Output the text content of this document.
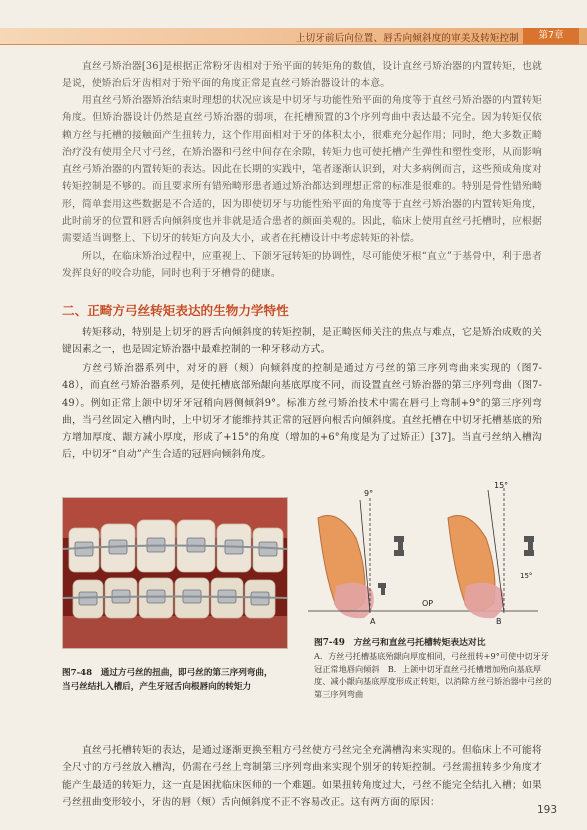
上切牙前后向位置、唇舌向倾斜度的审美及转矩控制	第7章
直丝弓矫治器[36]是根据正常粉牙齿相对于殆平面的转矩角的数值，设计直丝弓矫治器的内置转矩，也就是说，使矫治后牙齿相对于殆平面的角度正常是直丝弓矫治器设计的本意。
用直丝弓矫治器矫治结束时理想的状况应该是中切牙与功能性殆平面的角度等于直丝弓矫治器的内置转矩角度。但矫治器设计仍然是直丝弓矫治器的弱项，在托槽预置的3个序列弯曲中表达最不完全。因为转矩仅依赖方丝与托槽的接触面产生扭转力，这个作用面相对于牙的体积太小，很难充分起作用；同时，绝大多数正畸治疗没有使用全尺寸弓丝，在矫治器和弓丝中间存在余隙，转矩力也可使托槽产生弹性和塑性变形，从而影响直丝弓矫治器的内置转矩的表达。因此在长期的实践中，笔者逐渐认识到，对大多病例而言，这些预成角度对转矩控制是不够的。而且要求所有错殆畸形患者通过矫治都达到理想正常的标准是很难的。特别是骨性错殆畸形，简单套用这些数据是不合适的，因为即使切牙与功能性殆平面的角度等于直丝弓矫治器的内置转矩角度，此时前牙的位置和唇舌向倾斜度也并非就是适合患者的颜面美观的。因此，临床上使用直丝弓托槽时，应根据需要适当调整上、下切牙的转矩方向及大小，或者在托槽设计中考虑转矩的补偿。
所以，在临床矫治过程中，应重视上、下颌牙冠转矩的协调性，尽可能使牙根“直立”于基骨中，利于患者发挥良好的咬合功能，同时也利于牙槽骨的健康。
二、正畸方弓丝转矩表达的生物力学特性
转矩移动，特别是上切牙的唇舌向倾斜度的转矩控制，是正畸医师关注的焦点与难点，它是矫治成败的关键因素之一，也是固定矫治器中最难控制的一种牙移动方式。
方丝弓矫治器系列中，对牙的唇（颊）向倾斜度的控制是通过方弓丝的第三序列弯曲来实现的（图7-48），而直丝弓矫治器系列，是使托槽底部殆龈向基底厚度不同，而设置直丝弓矫治器的第三序列弯曲（图7-49）。例如正常上颌中切牙牙冠稍向唇侧倾斜9°。标准方丝弓矫治技术中需在唇弓上弯制+9°的第三序列弯曲，当弓丝固定入槽内时，上中切牙才能维持其正常的冠唇向根舌向倾斜度。直丝托槽在中切牙托槽基底的殆方增加厚度、龈方减小厚度，形成了+15°的角度（增加的+6°角度是为了过矫正）[37]。当直弓丝纳入槽沟后，中切牙“自动”产生合适的冠唇向倾斜角度。
图7-48　通过方弓丝的扭曲，即弓丝的第三序列弯曲，当弓丝结扎入槽后，产生牙冠舌向根唇向的转矩力
9°
A
OP
15°
15°
B
图7-49　方丝弓和直丝弓托槽转矩表达对比
A．方丝弓托槽基底殆龈向厚度相同，弓丝扭转+9°可使中切牙牙冠正常地唇向倾斜　B．上颌中切牙直丝弓托槽增加殆向基底厚度、减小龈向基底厚度形成正转矩，以消除方丝弓矫治器中弓丝的第三序列弯曲
直丝弓托槽转矩的表达，是通过逐渐更换至粗方弓丝使方弓丝完全充满槽沟来实现的。但临床上不可能将全尺寸的方弓丝放入槽沟，仍需在弓丝上弯制第三序列弯曲来实现个别牙的转矩控制。弓丝需扭转多少角度才能产生最适的转矩力，这一直是困扰临床医师的一个难题。如果扭转角度过大，弓丝不能完全结扎入槽；如果弓丝扭曲变形较小，牙齿的唇（颊）舌向倾斜度不正不容易改正。这有两方面的原因：
193
